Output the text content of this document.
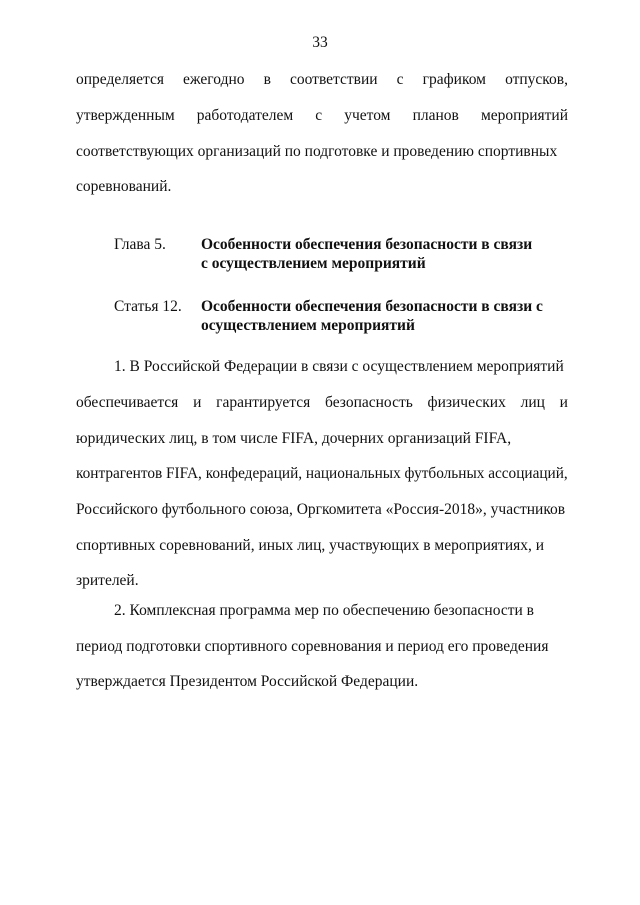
33
определяется ежегодно в соответствии с графиком отпусков,
утвержденным работодателем с учетом планов мероприятий
соответствующих организаций по подготовке и проведению спортивных
соревнований.
Глава 5. Особенности обеспечения безопасности в связи
с осуществлением мероприятий
Статья 12. Особенности обеспечения безопасности в связи с
осуществлением мероприятий
1. В Российской Федерации в связи с осуществлением мероприятий
обеспечивается и гарантируется безопасность физических лиц и
юридических лиц, в том числе FIFA, дочерних организаций FIFA,
контрагентов FIFA, конфедераций, национальных футбольных ассоциаций,
Российского футбольного союза, Оргкомитета «Россия-2018», участников
спортивных соревнований, иных лиц, участвующих в мероприятиях, и
зрителей.
2. Комплексная программа мер по обеспечению безопасности в
период подготовки спортивного соревнования и период его проведения
утверждается Президентом Российской Федерации.
